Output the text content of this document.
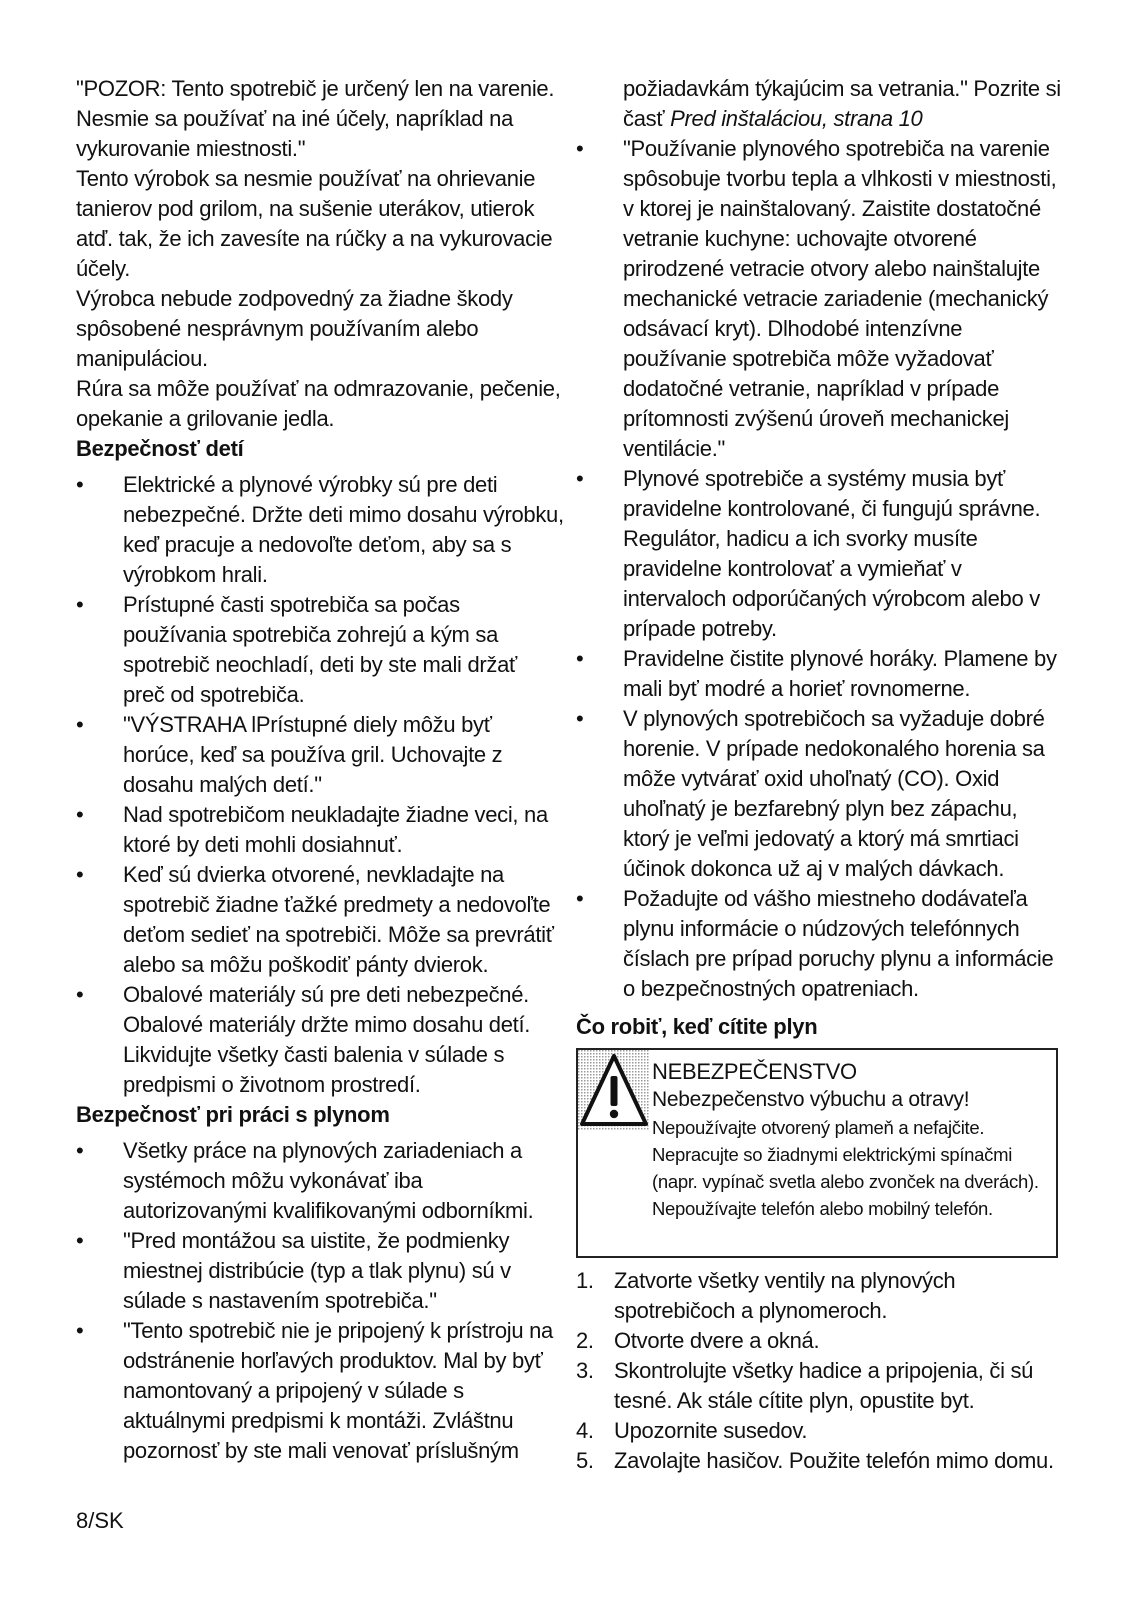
"POZOR: Tento spotrebič je určený len na varenie. Nesmie sa používať na iné účely, napríklad na vykurovanie miestnosti."

Tento výrobok sa nesmie používať na ohrievanie tanierov pod grilom, na sušenie uterákov, utierok atď. tak, že ich zavesíte na rúčky a na vykurovacie účely.

Výrobca nebude zodpovedný za žiadne škody spôsobené nesprávnym používaním alebo manipuláciou.

Rúra sa môže používať na odmrazovanie, pečenie, opekanie a grilovanie jedla.

Bezpečnosť detí

• Elektrické a plynové výrobky sú pre deti nebezpečné. Držte deti mimo dosahu výrobku, keď pracuje a nedovoľte deťom, aby sa s výrobkom hrali.
• Prístupné časti spotrebiča sa počas používania spotrebiča zohrejú a kým sa spotrebič neochladí, deti by ste mali držať preč od spotrebiča.
• "VÝSTRAHA lPrístupné diely môžu byť horúce, keď sa používa gril. Uchovajte z dosahu malých detí."
• Nad spotrebičom neukladajte žiadne veci, na ktoré by deti mohli dosiahnuť.
• Keď sú dvierka otvorené, nevkladajte na spotrebič žiadne ťažké predmety a nedovoľte deťom sedieť na spotrebiči. Môže sa prevrátiť alebo sa môžu poškodiť pánty dvierok.
• Obalové materiály sú pre deti nebezpečné. Obalové materiály držte mimo dosahu detí. Likvidujte všetky časti balenia v súlade s predpismi o životnom prostredí.

Bezpečnosť pri práci s plynom

• Všetky práce na plynových zariadeniach a systémoch môžu vykonávať iba autorizovanými kvalifikovanými odborníkmi.
• "Pred montážou sa uistite, že podmienky miestnej distribúcie (typ a tlak plynu) sú v súlade s nastavením spotrebiča."
• "Tento spotrebič nie je pripojený k prístroju na odstránenie horľavých produktov. Mal by byť namontovaný a pripojený v súlade s aktuálnymi predpismi k montáži. Zvláštnu pozornosť by ste mali venovať príslušným

požiadavkám týkajúcim sa vetrania." Pozrite si časť Pred inštaláciou, strana 10

• "Používanie plynového spotrebiča na varenie spôsobuje tvorbu tepla a vlhkosti v miestnosti, v ktorej je nainštalovaný. Zaistite dostatočné vetranie kuchyne: uchovajte otvorené prirodzené vetracie otvory alebo nainštalujte mechanické vetracie zariadenie (mechanický odsávací kryt). Dlhodobé intenzívne používanie spotrebiča môže vyžadovať dodatočné vetranie, napríklad v prípade prítomnosti zvýšenú úroveň mechanickej ventilácie."
• Plynové spotrebiče a systémy musia byť pravidelne kontrolované, či fungujú správne. Regulátor, hadicu a ich svorky musíte pravidelne kontrolovať a vymieňať v intervaloch odporúčaných výrobcom alebo v prípade potreby.
• Pravidelne čistite plynové horáky. Plamene by mali byť modré a horieť rovnomerne.
• V plynových spotrebičoch sa vyžaduje dobré horenie. V prípade nedokonalého horenia sa môže vytvárať oxid uhoľnatý (CO). Oxid uhoľnatý je bezfarebný plyn bez zápachu, ktorý je veľmi jedovatý a ktorý má smrtiaci účinok dokonca už aj v malých dávkach.
• Požadujte od vášho miestneho dodávateľa plynu informácie o núdzových telefónnych číslach pre prípad poruchy plynu a informácie o bezpečnostných opatreniach.

Čo robiť, keď cítite plyn

NEBEZPEČENSTVO
Nebezpečenstvo výbuchu a otravy!
Nepoužívajte otvorený plameň a nefajčite.
Nepracujte so žiadnymi elektrickými spínačmi (napr. vypínač svetla alebo zvonček na dverách).
Nepoužívajte telefón alebo mobilný telefón.
1. Zatvorte všetky ventily na plynových spotrebičoch a plynomeroch.
2. Otvorte dvere a okná.
3. Skontrolujte všetky hadice a pripojenia, či sú tesné. Ak stále cítite plyn, opustite byt.
4. Upozornite susedov.
5. Zavolajte hasičov. Použite telefón mimo domu.
8/SK
